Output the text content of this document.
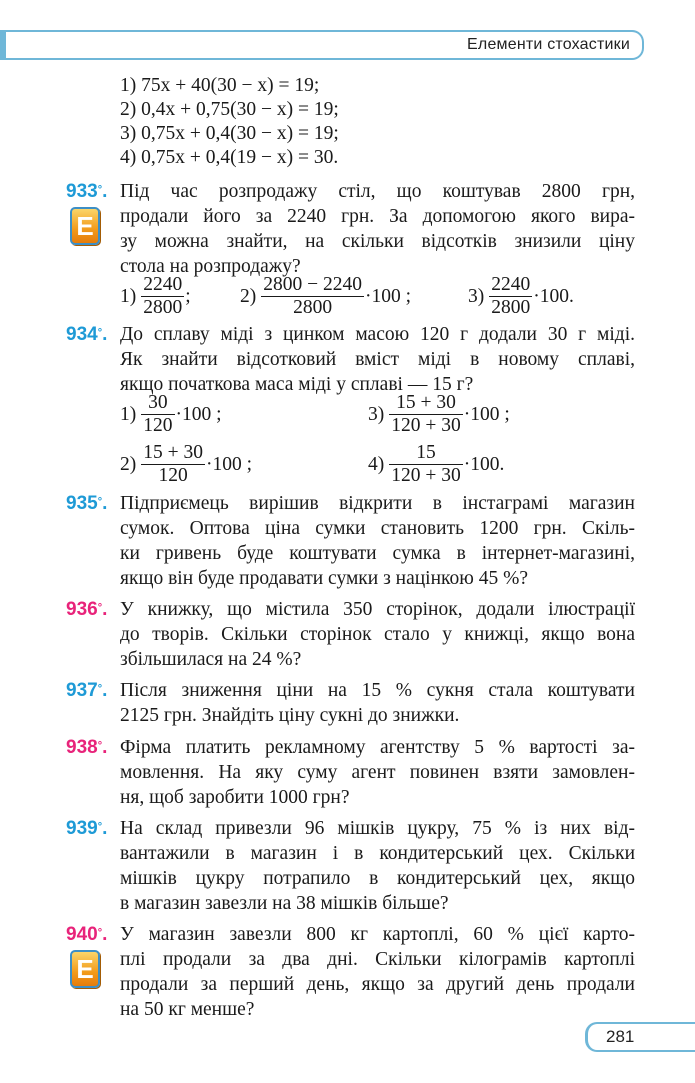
Елементи стохастики
1) 75x + 40(30 − x) = 19;
2) 0,4x + 0,75(30 − x) = 19;
3) 0,75x + 0,4(30 − x) = 19;
4) 0,75x + 0,4(19 − x) = 30.
933°.
E
Під час розпродажу стіл, що коштував 2800 грн,
продали його за 2240 грн. За допомогою якого вира-
зу можна знайти, на скільки відсотків знизили ціну
стола на розпродажу?
$1) \frac{2240}{2800}$ ;	$2) \frac{2800 - 2240}{2800} \cdot 100$ ;	$3) \frac{2240}{2800} \cdot 100$.
934°. До сплаву міді з цинком масою 120 г додали 30 г міді.
Як знайти відсотковий вміст міді в новому сплаві,
якщо початкова маса міді у сплаві — 15 г?
$1) \frac{30}{120} \cdot 100$ ;	$3) \frac{15 + 30}{120 + 30} \cdot 100$ ;
$2) \frac{15 + 30}{120} \cdot 100$ ;	$4) \frac{15}{120 + 30} \cdot 100$.
935°. Підприємець вирішив відкрити в інстаграмі магазин
сумок. Оптова ціна сумки становить 1200 грн. Скіль-
ки гривень буде коштувати сумка в інтернет-магазині,
якщо він буде продавати сумки з націнкою 45 %?
936°. У книжку, що містила 350 сторінок, додали ілюстрації
до творів. Скільки сторінок стало у книжці, якщо вона
збільшилася на 24 %?
937°. Після зниження ціни на 15 % сукня стала коштувати
2125 грн. Знайдіть ціну сукні до знижки.
938°. Фірма платить рекламному агентству 5 % вартості за-
мовлення. На яку суму агент повинен взяти замовлен-
ня, щоб заробити 1000 грн?
939°. На склад привезли 96 мішків цукру, 75 % із них від-
вантажили в магазин і в кондитерський цех. Скільки
мішків цукру потрапило в кондитерський цех, якщо
в магазин завезли на 38 мішків більше?
940°.
E
У магазин завезли 800 кг картоплі, 60 % цієї карто-
плі продали за два дні. Скільки кілограмів картоплі
продали за перший день, якщо за другий день продали
на 50 кг менше?
281
